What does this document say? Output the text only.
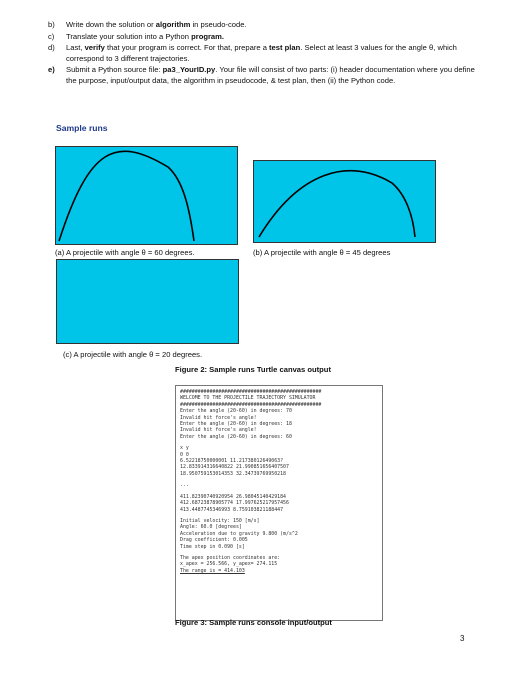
b) Write down the solution or algorithm in pseudo-code.
c) Translate your solution into a Python program.
d) Last, verify that your program is correct. For that, prepare a test plan. Select at least 3 values for the angle θ, which correspond to 3 different trajectories.
e) Submit a Python source file: pa3_YourID.py. Your file will consist of two parts: (i) header documentation where you define the purpose, input/output data, the algorithm in pseudocode, & test plan, then (ii) the Python code.
Sample runs
(a) A projectile with angle θ = 60 degrees.	(b) A projectile with angle θ = 45 degrees
(c) A projectile with angle θ = 20 degrees.
Figure 2: Sample runs Turtle canvas output
################################################
WELCOME TO THE PROJECTILE TRAJECTORY SIMULATOR
################################################
Enter the angle (20-60) in degrees: 70
Invalid hit force's angle!
Enter the angle (20-60) in degrees: 18
Invalid hit force's angle!
Enter the angle (20-60) in degrees: 60
x y
0 0
6.52218750000001 11.21738012649063?
12.833914316640822 21.990851656407507
18.950759153014353 32.34739769950218
...
411.82390740920954 26.98045140429184
412.68723878905774 17.997625217957456
413.4487745346993 8.759103821188447
Initial velocity: 150 [m/s]
Angle: 60.0 [degrees]
Acceleration due to gravity 9.800 (m/s^2
Drag coefficient: 0.005
Time step in 0.090 [s]
The apex position coordinates are:
x_apex = 256.566, y_apex= 274.115
The range is = 414.103
Figure 3: Sample runs console input/output
3
